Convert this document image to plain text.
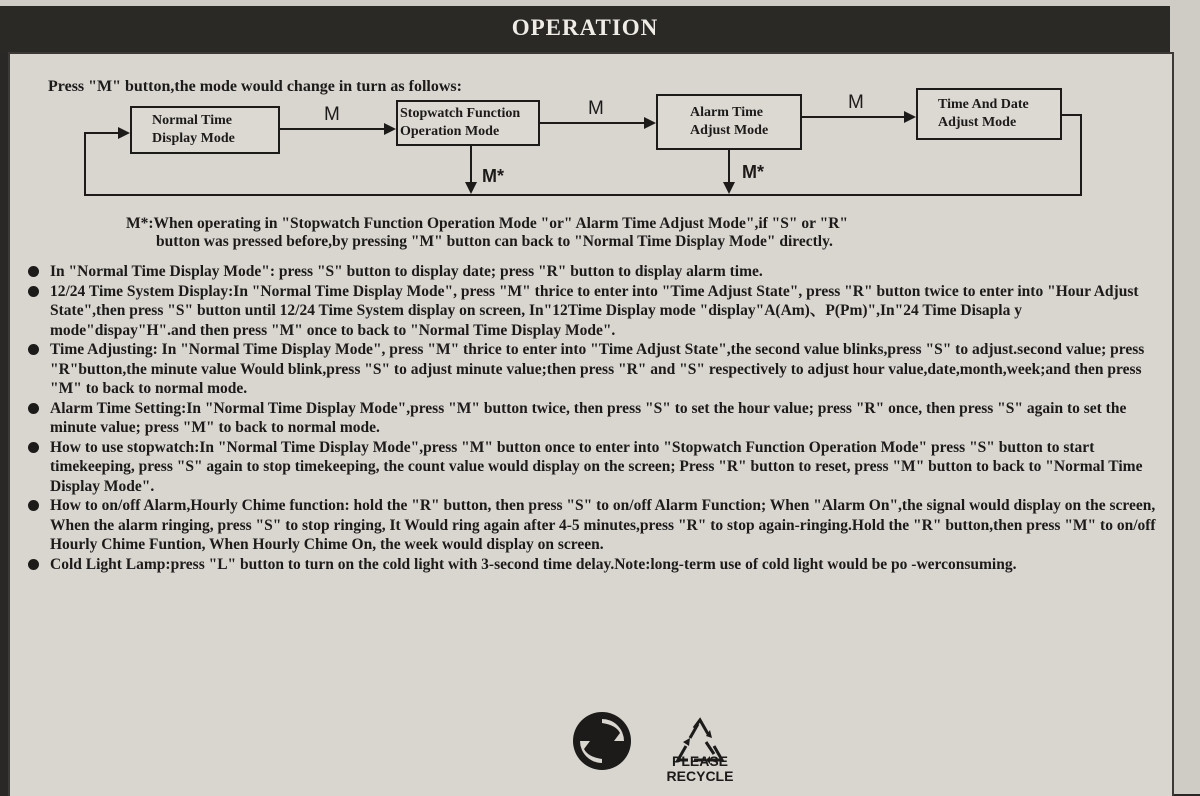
OPERATION
Press "M" button,the mode would change in turn as follows:
Normal Time
Display Mode
Stopwatch Function
Operation Mode
Alarm Time
Adjust Mode
Time And Date
Adjust Mode
M	M	M
M*	M*
M*:When operating in "Stopwatch Function Operation Mode "or" Alarm Time Adjust Mode",if "S" or "R"
button was pressed before,by pressing "M" button can back to "Normal Time Display Mode" directly.
In "Normal Time Display Mode": press "S" button to display date; press "R" button to display alarm time.
12/24 Time System Display:In "Normal Time Display Mode", press "M" thrice to enter into "Time Adjust State", press "R" button twice to enter into "Hour Adjust State",then press "S" button until 12/24 Time System display on screen, In"12Time Display mode "display"A(Am)、P(Pm)",In"24 Time Disapla y mode"dispay"H".and then press "M" once to back to "Normal Time Display Mode".
Time Adjusting: In "Normal Time Display Mode", press "M" thrice to enter into "Time Adjust State",the second value blinks,press "S" to adjust.second value; press "R"button,the minute value Would blink,press "S" to adjust minute value;then press "R" and "S" respectively to adjust hour value,date,month,week;and then press "M" to back to normal mode.
Alarm Time Setting:In "Normal Time Display Mode",press "M" button twice, then press "S" to set the hour value; press "R" once, then press "S" again to set the minute value; press "M" to back to normal mode.
How to use stopwatch:In "Normal Time Display Mode",press "M" button once to enter into "Stopwatch Function Operation Mode" press "S" button to start timekeeping, press "S" again to stop timekeeping, the count value would display on the screen; Press "R" button to reset, press "M" button to back to "Normal Time Display Mode".
How to on/off Alarm,Hourly Chime function: hold the "R" button, then press "S" to on/off Alarm Function; When "Alarm On",the signal would display on the screen, When the alarm ringing, press "S" to stop ringing, It Would ring again after 4-5 minutes,press "R" to stop again-ringing.Hold the "R" button,then press "M" to on/off Hourly Chime Funtion, When Hourly Chime On, the week would display on screen.
Cold Light Lamp:press "L" button to turn on the cold light with 3-second time delay.Note:long-term use of cold light would be po -werconsuming.
PLEASE
RECYCLE
